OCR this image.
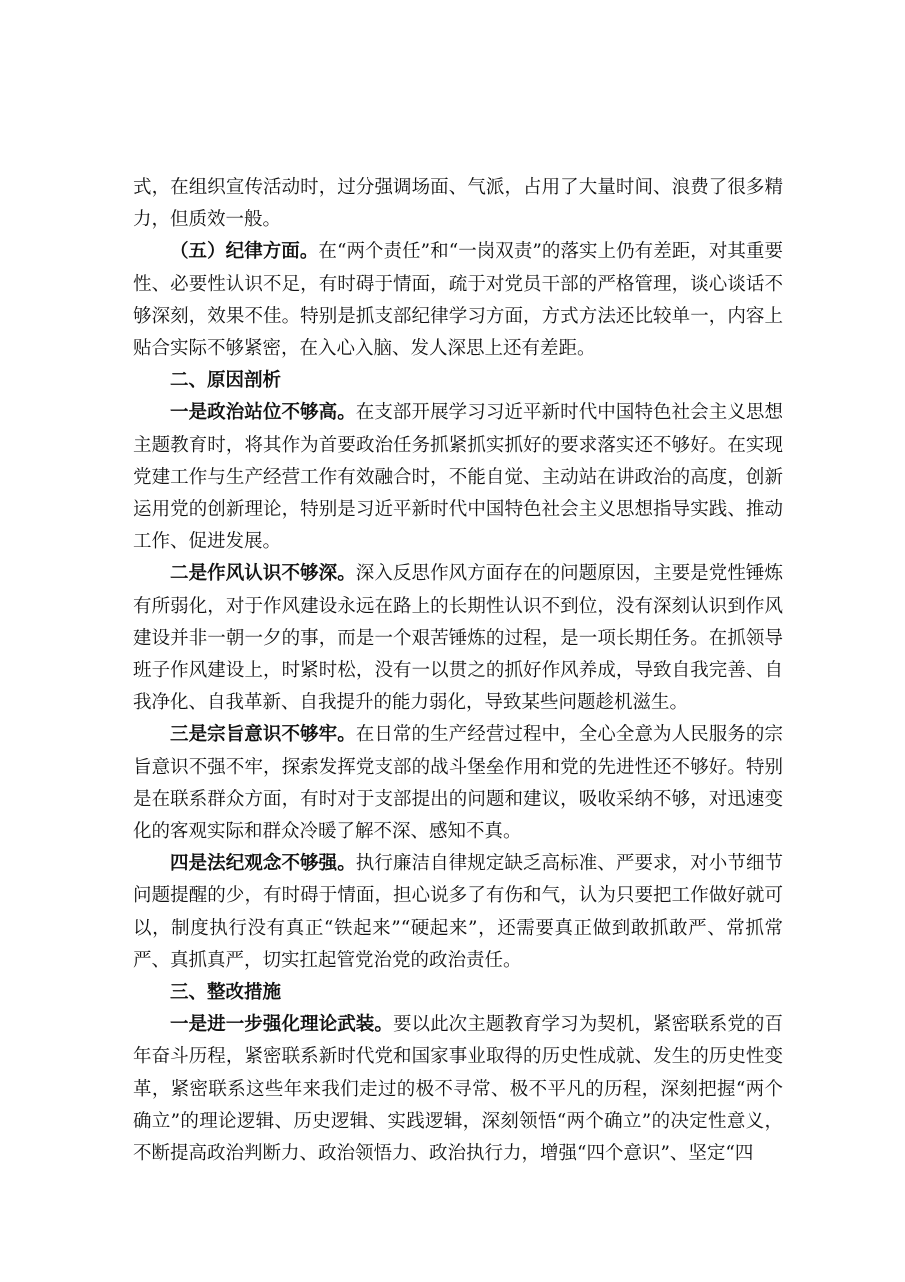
式，在组织宣传活动时，过分强调场面、气派，占用了大量时间、浪费了很多精力，但质效一般。

（五）纪律方面。在“两个责任”和“一岗双责”的落实上仍有差距，对其重要性、必要性认识不足，有时碍于情面，疏于对党员干部的严格管理，谈心谈话不够深刻，效果不佳。特别是抓支部纪律学习方面，方式方法还比较单一，内容上贴合实际不够紧密，在入心入脑、发人深思上还有差距。

二、原因剖析

一是政治站位不够高。在支部开展学习习近平新时代中国特色社会主义思想主题教育时，将其作为首要政治任务抓紧抓实抓好的要求落实还不够好。在实现党建工作与生产经营工作有效融合时，不能自觉、主动站在讲政治的高度，创新运用党的创新理论，特别是习近平新时代中国特色社会主义思想指导实践、推动工作、促进发展。

二是作风认识不够深。深入反思作风方面存在的问题原因，主要是党性锤炼有所弱化，对于作风建设永远在路上的长期性认识不到位，没有深刻认识到作风建设并非一朝一夕的事，而是一个艰苦锤炼的过程，是一项长期任务。在抓领导班子作风建设上，时紧时松，没有一以贯之的抓好作风养成，导致自我完善、自我净化、自我革新、自我提升的能力弱化，导致某些问题趁机滋生。

三是宗旨意识不够牢。在日常的生产经营过程中，全心全意为人民服务的宗旨意识不强不牢，探索发挥党支部的战斗堡垒作用和党的先进性还不够好。特别是在联系群众方面，有时对于支部提出的问题和建议，吸收采纳不够，对迅速变化的客观实际和群众冷暖了解不深、感知不真。

四是法纪观念不够强。执行廉洁自律规定缺乏高标准、严要求，对小节细节问题提醒的少，有时碍于情面，担心说多了有伤和气，认为只要把工作做好就可以，制度执行没有真正“铁起来”“硬起来”，还需要真正做到敢抓敢严、常抓常严、真抓真严，切实扛起管党治党的政治责任。

三、整改措施

一是进一步强化理论武装。要以此次主题教育学习为契机，紧密联系党的百年奋斗历程，紧密联系新时代党和国家事业取得的历史性成就、发生的历史性变革，紧密联系这些年来我们走过的极不寻常、极不平凡的历程，深刻把握“两个确立”的理论逻辑、历史逻辑、实践逻辑，深刻领悟“两个确立”的决定性意义，不断提高政治判断力、政治领悟力、政治执行力，增强“四个意识”、坚定“四
